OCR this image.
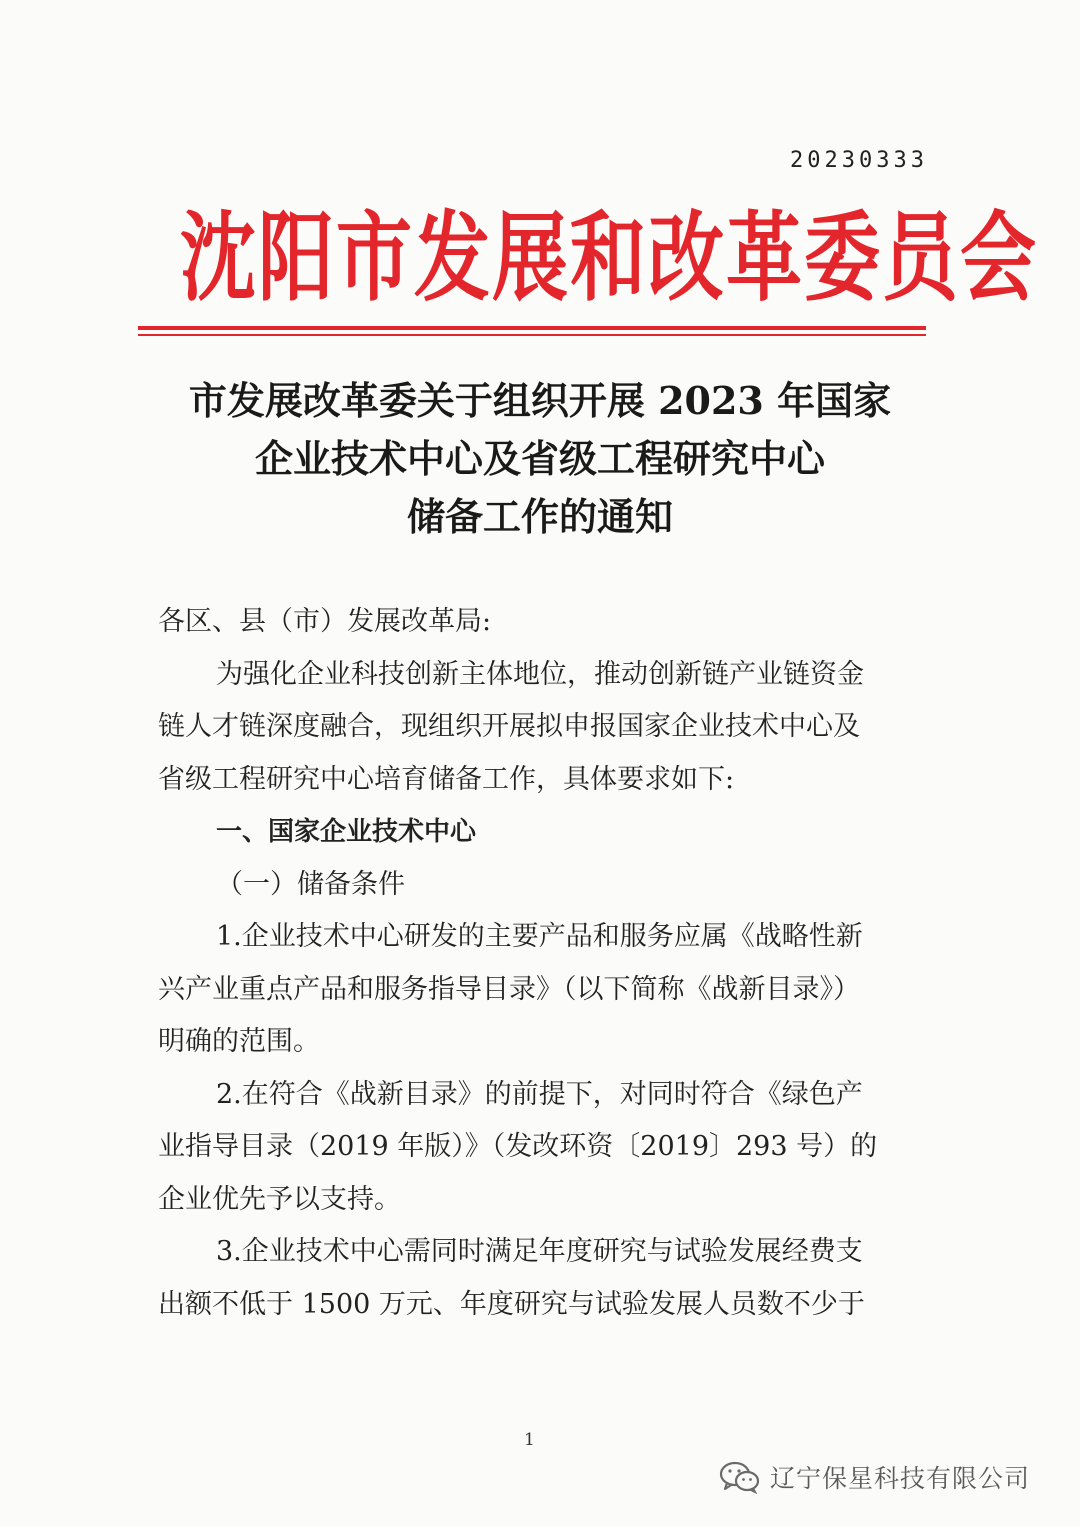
20230333
沈阳市发展和改革委员会
市发展改革委关于组织开展 2023 年国家
企业技术中心及省级工程研究中心
储备工作的通知
各区、县（市）发展改革局:
为强化企业科技创新主体地位，推动创新链产业链资金
链人才链深度融合，现组织开展拟申报国家企业技术中心及
省级工程研究中心培育储备工作，具体要求如下:
一、国家企业技术中心
（一）储备条件
1.企业技术中心研发的主要产品和服务应属《战略性新
兴产业重点产品和服务指导目录》（以下简称《战新目录》）
明确的范围。
2.在符合《战新目录》的前提下，对同时符合《绿色产
业指导目录（2019 年版）》（发改环资〔2019〕293 号）的
企业优先予以支持。
3.企业技术中心需同时满足年度研究与试验发展经费支
出额不低于 1500 万元、年度研究与试验发展人员数不少于
1
辽宁保星科技有限公司
